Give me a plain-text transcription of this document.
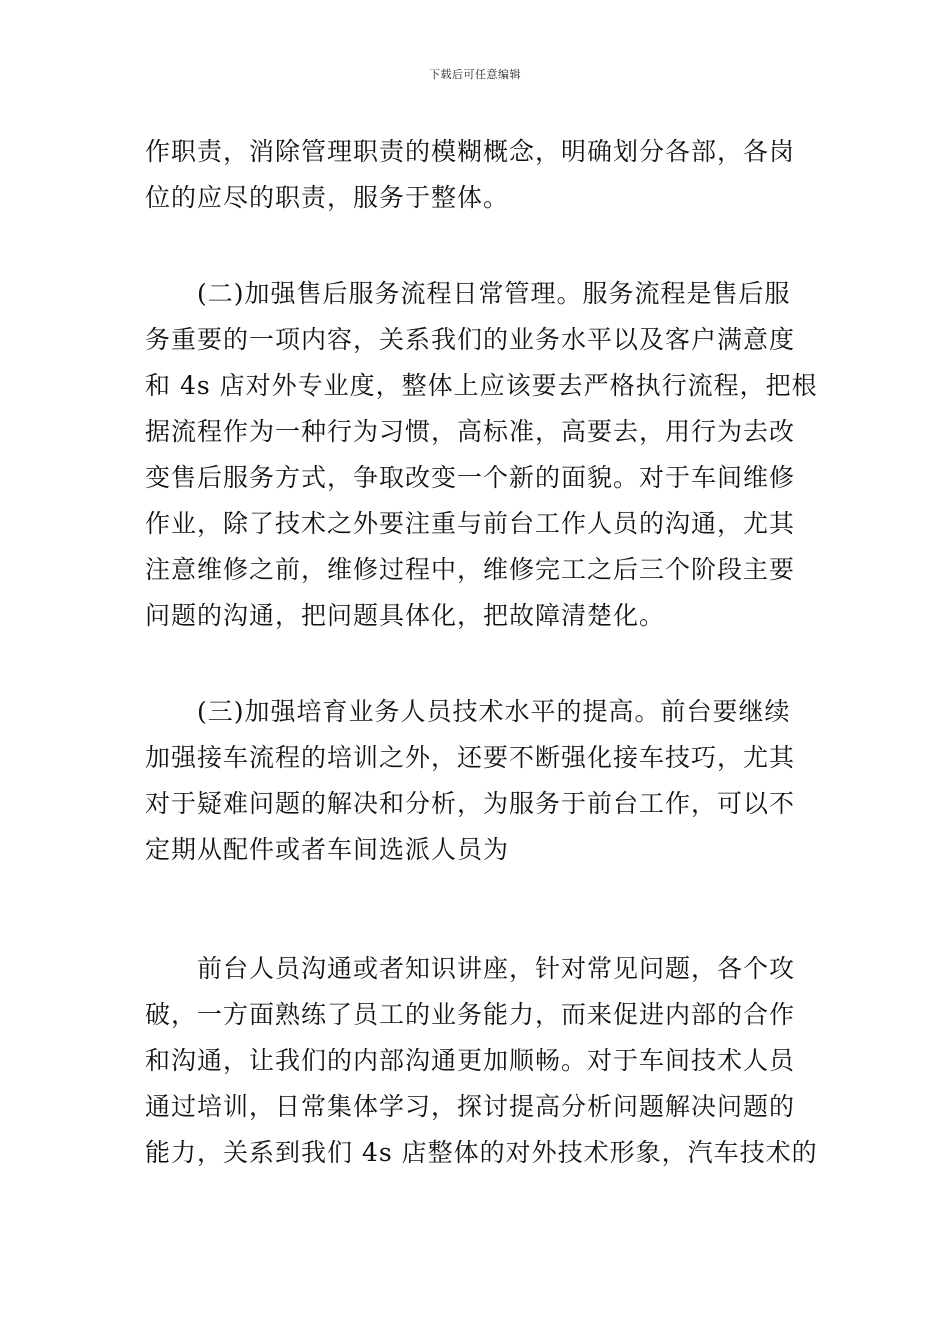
下载后可任意编辑
作职责，消除管理职责的模糊概念，明确划分各部，各岗
位的应尽的职责，服务于整体。
(二)加强售后服务流程日常管理。服务流程是售后服
务重要的一项内容，关系我们的业务水平以及客户满意度
和 4s 店对外专业度，整体上应该要去严格执行流程，把根
据流程作为一种行为习惯，高标准，高要去，用行为去改
变售后服务方式，争取改变一个新的面貌。对于车间维修
作业，除了技术之外要注重与前台工作人员的沟通，尤其
注意维修之前，维修过程中，维修完工之后三个阶段主要
问题的沟通，把问题具体化，把故障清楚化。
(三)加强培育业务人员技术水平的提高。前台要继续
加强接车流程的培训之外，还要不断强化接车技巧，尤其
对于疑难问题的解决和分析，为服务于前台工作，可以不
定期从配件或者车间选派人员为
前台人员沟通或者知识讲座，针对常见问题，各个攻
破，一方面熟练了员工的业务能力，而来促进内部的合作
和沟通，让我们的内部沟通更加顺畅。对于车间技术人员
通过培训，日常集体学习，探讨提高分析问题解决问题的
能力，关系到我们 4s 店整体的对外技术形象，汽车技术的
